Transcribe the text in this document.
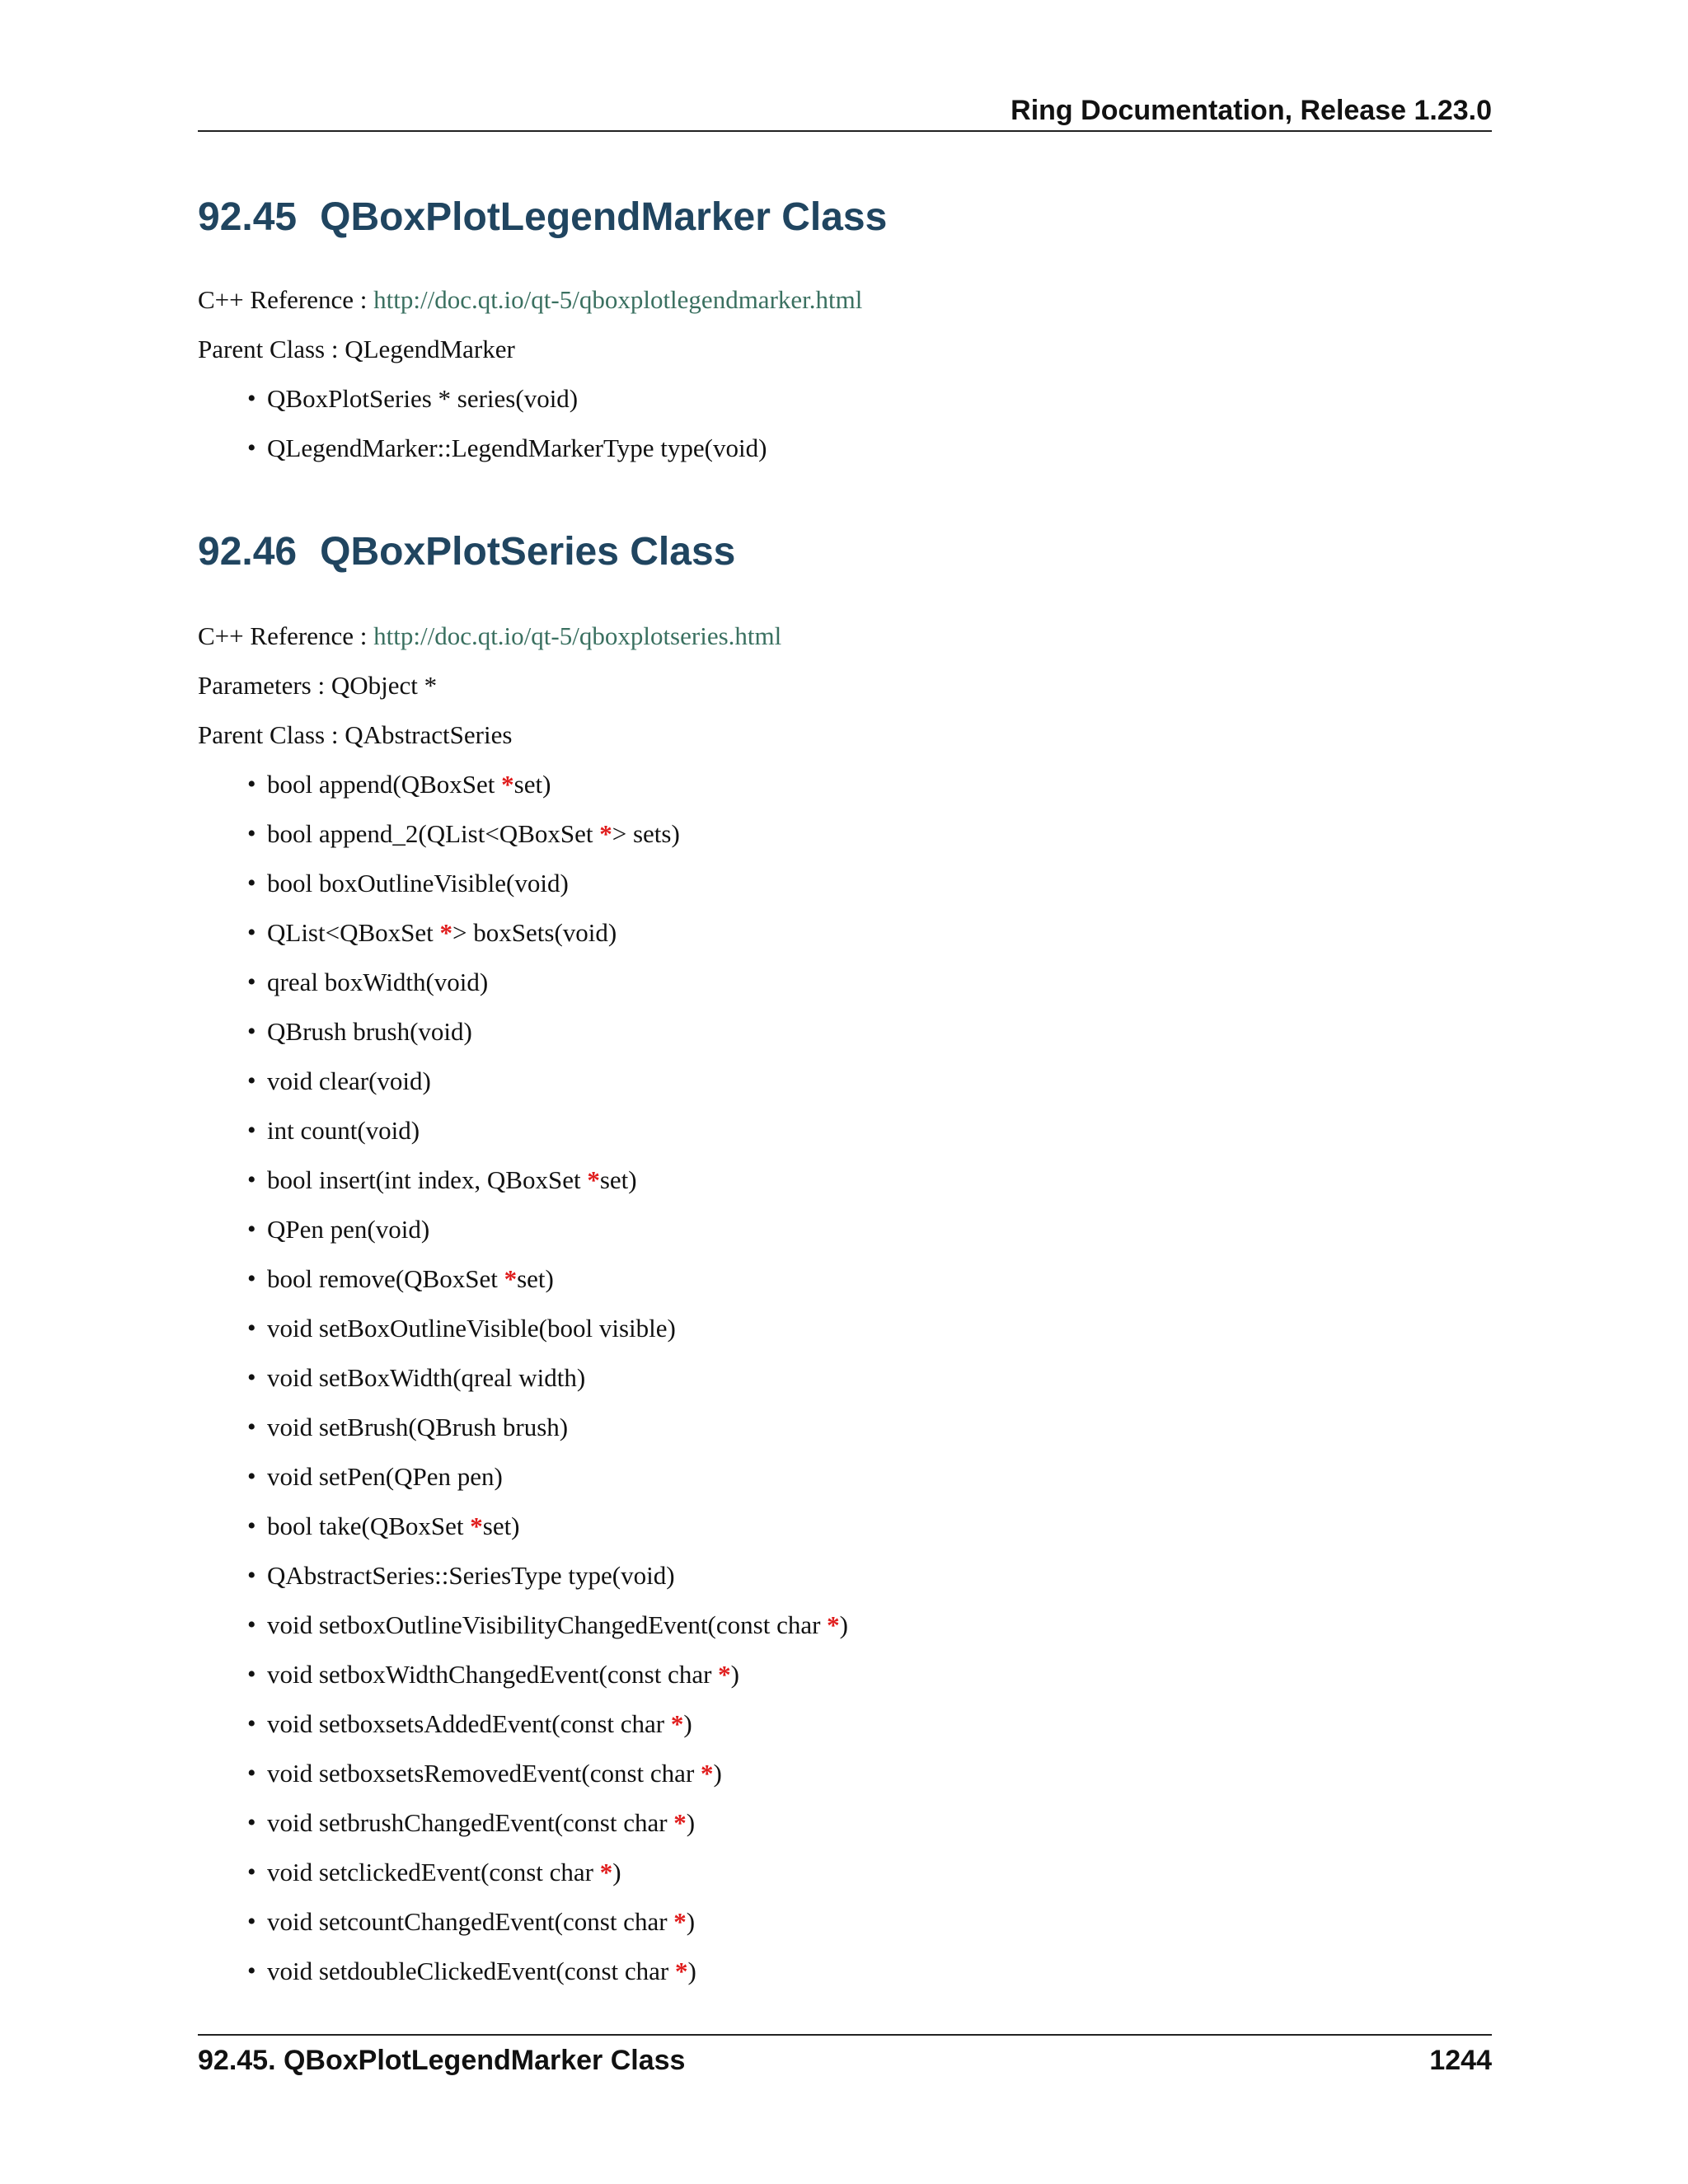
Ring Documentation, Release 1.23.0
92.45 QBoxPlotLegendMarker Class
C++ Reference : http://doc.qt.io/qt-5/qboxplotlegendmarker.html
Parent Class : QLegendMarker
• QBoxPlotSeries * series(void)
• QLegendMarker::LegendMarkerType type(void)
92.46 QBoxPlotSeries Class
C++ Reference : http://doc.qt.io/qt-5/qboxplotseries.html
Parameters : QObject *
Parent Class : QAbstractSeries
• bool append(QBoxSet *set)
• bool append_2(QList<QBoxSet *> sets)
• bool boxOutlineVisible(void)
• QList<QBoxSet *> boxSets(void)
• qreal boxWidth(void)
• QBrush brush(void)
• void clear(void)
• int count(void)
• bool insert(int index, QBoxSet *set)
• QPen pen(void)
• bool remove(QBoxSet *set)
• void setBoxOutlineVisible(bool visible)
• void setBoxWidth(qreal width)
• void setBrush(QBrush brush)
• void setPen(QPen pen)
• bool take(QBoxSet *set)
• QAbstractSeries::SeriesType type(void)
• void setboxOutlineVisibilityChangedEvent(const char *)
• void setboxWidthChangedEvent(const char *)
• void setboxsetsAddedEvent(const char *)
• void setboxsetsRemovedEvent(const char *)
• void setbrushChangedEvent(const char *)
• void setclickedEvent(const char *)
• void setcountChangedEvent(const char *)
• void setdoubleClickedEvent(const char *)
92.45. QBoxPlotLegendMarker Class	1244
